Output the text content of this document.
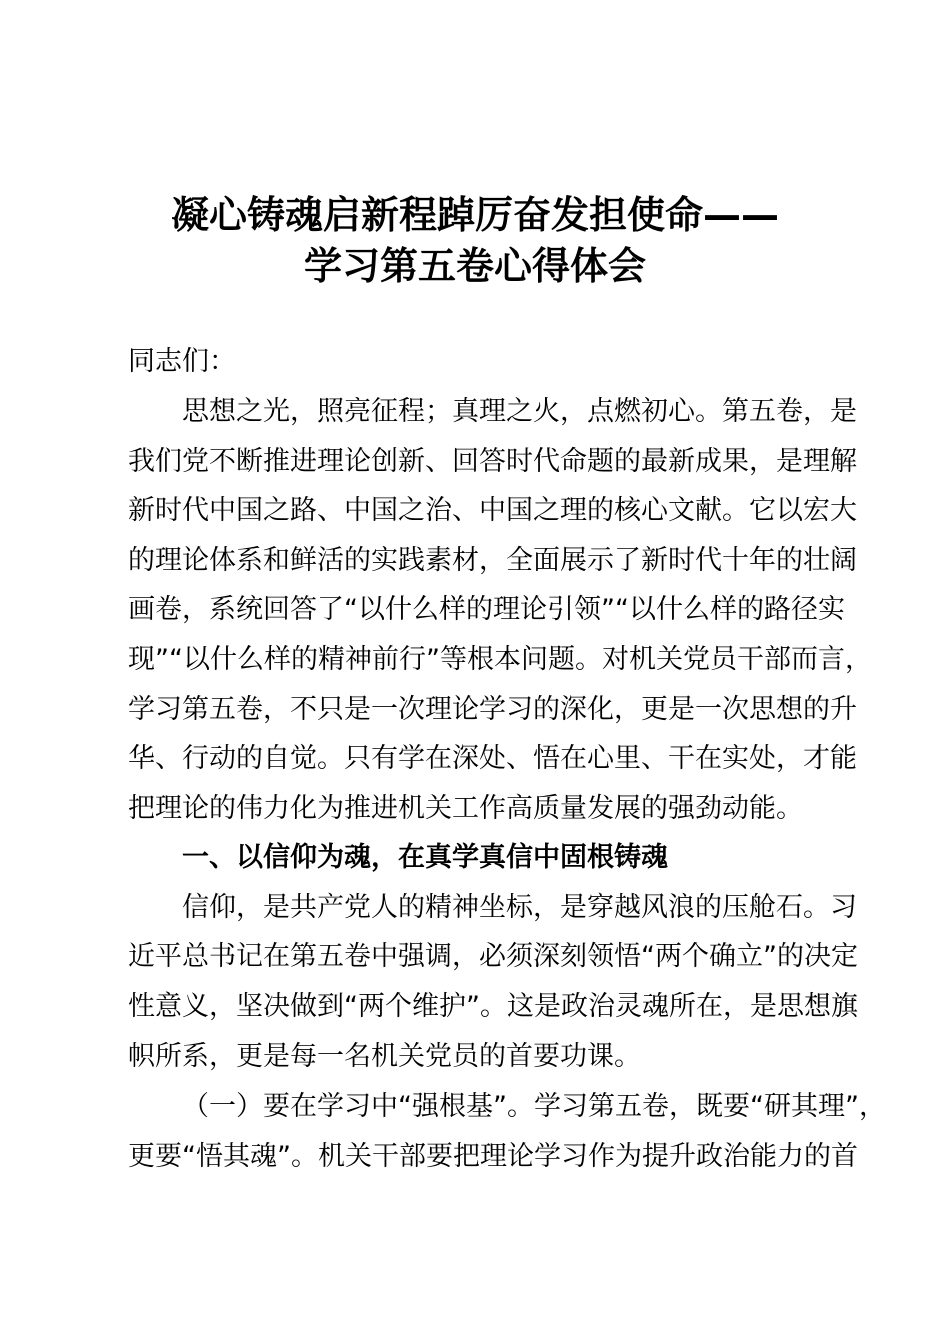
凝心铸魂启新程踔厉奋发担使命——
学习第五卷心得体会
同志们：
思想之光，照亮征程；真理之火，点燃初心。第五卷，是
我们党不断推进理论创新、回答时代命题的最新成果，是理解
新时代中国之路、中国之治、中国之理的核心文献。它以宏大
的理论体系和鲜活的实践素材，全面展示了新时代十年的壮阔
画卷，系统回答了“以什么样的理论引领”“以什么样的路径实
现”“以什么样的精神前行”等根本问题。对机关党员干部而言，
学习第五卷，不只是一次理论学习的深化，更是一次思想的升
华、行动的自觉。只有学在深处、悟在心里、干在实处，才能
把理论的伟力化为推进机关工作高质量发展的强劲动能。
一、以信仰为魂，在真学真信中固根铸魂
信仰，是共产党人的精神坐标，是穿越风浪的压舱石。习
近平总书记在第五卷中强调，必须深刻领悟“两个确立”的决定
性意义，坚决做到“两个维护”。这是政治灵魂所在，是思想旗
帜所系，更是每一名机关党员的首要功课。
（一）要在学习中“强根基”。学习第五卷，既要“研其理”，
更要“悟其魂”。机关干部要把理论学习作为提升政治能力的首
